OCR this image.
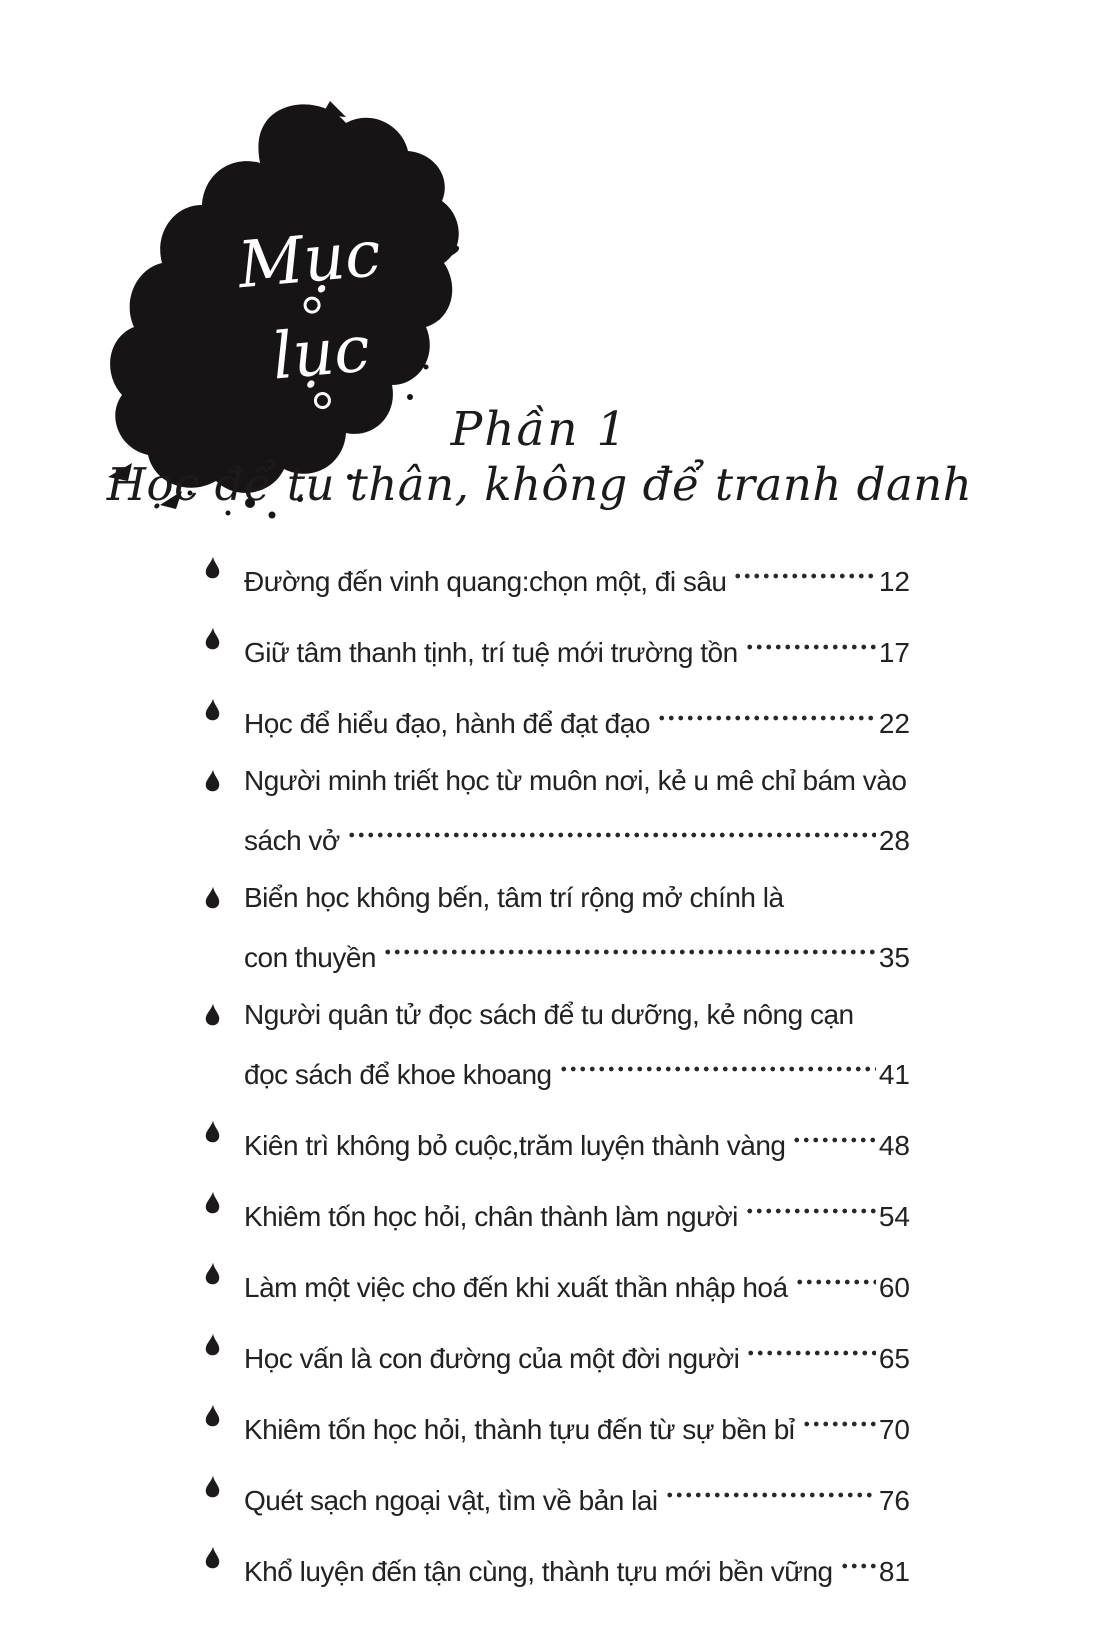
Mục
lục
Phần 1
Học để tu thân, không để tranh danh
Đường đến vinh quang:chọn một, đi sâu	12
Giữ tâm thanh tịnh, trí tuệ mới trường tồn	17
Học để hiểu đạo, hành để đạt đạo	22
Người minh triết học từ muôn nơi, kẻ u mê chỉ bám vào
sách vở	28
Biển học không bến, tâm trí rộng mở chính là
con thuyền	35
Người quân tử đọc sách để tu dưỡng, kẻ nông cạn
đọc sách để khoe khoang	41
Kiên trì không bỏ cuộc,trăm luyện thành vàng	48
Khiêm tốn học hỏi, chân thành làm người	54
Làm một việc cho đến khi xuất thần nhập hoá	60
Học vấn là con đường của một đời người	65
Khiêm tốn học hỏi, thành tựu đến từ sự bền bỉ	70
Quét sạch ngoại vật, tìm về bản lai	76
Khổ luyện đến tận cùng, thành tựu mới bền vững 81
